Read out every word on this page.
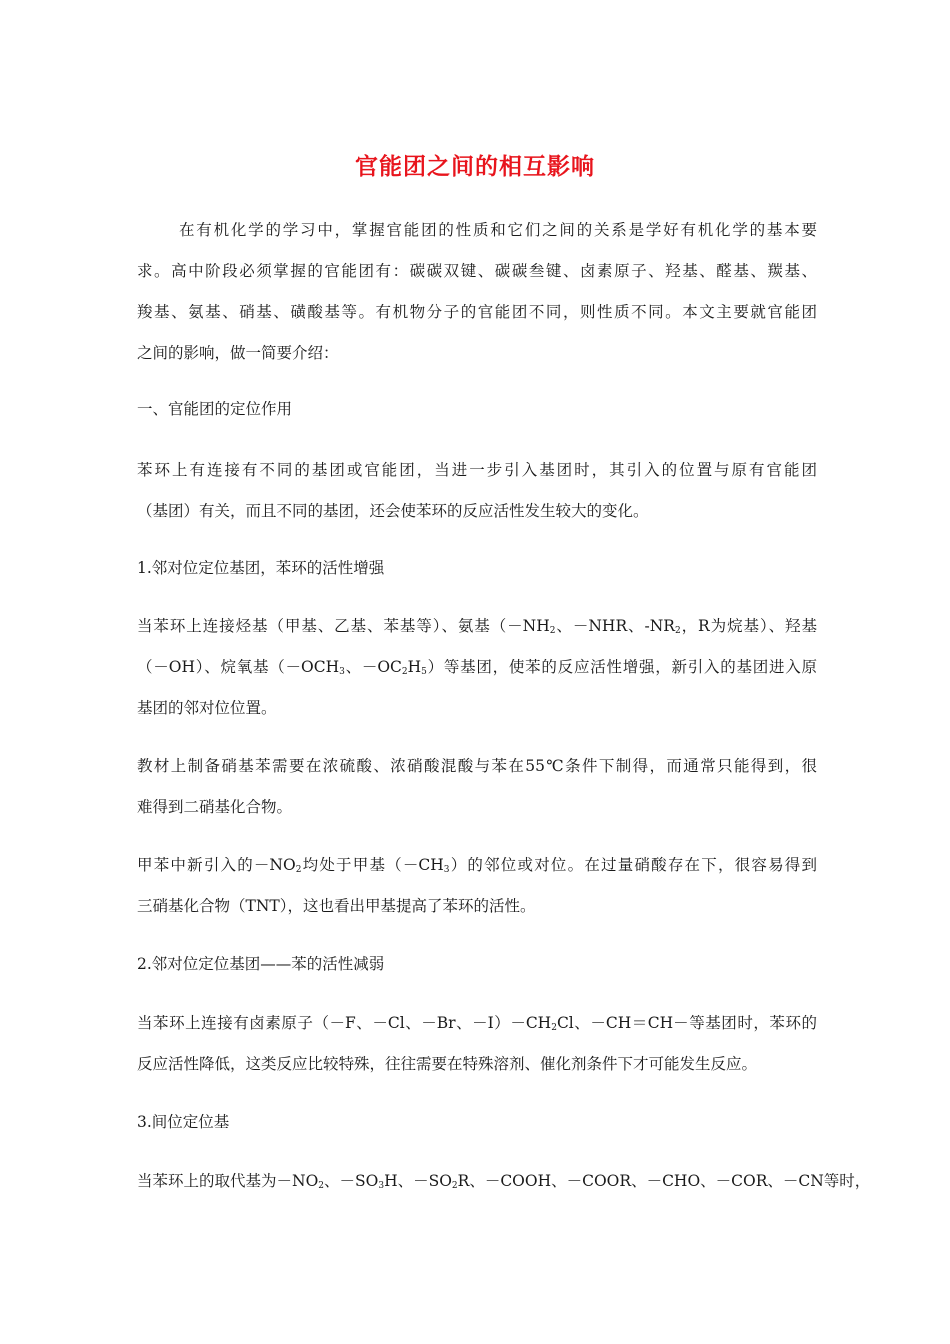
官能团之间的相互影响
在有机化学的学习中，掌握官能团的性质和它们之间的关系是学好有机化学的基本要
求。高中阶段必须掌握的官能团有：碳碳双键、碳碳叁键、卤素原子、羟基、醛基、羰基、
羧基、氨基、硝基、磺酸基等。有机物分子的官能团不同，则性质不同。本文主要就官能团
之间的影响，做一简要介绍：
一、官能团的定位作用
苯环上有连接有不同的基团或官能团，当进一步引入基团时，其引入的位置与原有官能团
（基团）有关，而且不同的基团，还会使苯环的反应活性发生较大的变化。
1.邻对位定位基团，苯环的活性增强
当苯环上连接烃基（甲基、乙基、苯基等）、氨基（$-NH_2$、－NHR、$-NR_2$，R为烷基）、羟基
（－OH）、烷氧基（$-OCH_3$、$-OC_2H_5$）等基团，使苯的反应活性增强，新引入的基团进入原
基团的邻对位位置。
教材上制备硝基苯需要在浓硫酸、浓硝酸混酸与苯在55℃条件下制得，而通常只能得到，很
难得到二硝基化合物。
甲苯中新引入的$-NO_2$均处于甲基$(-CH_3)$的邻位或对位。在过量硝酸存在下，很容易得到
三硝基化合物（TNT），这也看出甲基提高了苯环的活性。
2.邻对位定位基团——苯的活性减弱
当苯环上连接有卤素原子（－F、－Cl、－Br、$-I)-CH_2Cl$、－CH＝CH－等基团时，苯环的
反应活性降低，这类反应比较特殊，往往需要在特殊溶剂、催化剂条件下才可能发生反应。
3.间位定位基
当苯环上的取代基为$-NO_2$、$-SO_3H$、$-SO_2R$、－COOH、－COOR、－CHO、－COR、－CN等时，
